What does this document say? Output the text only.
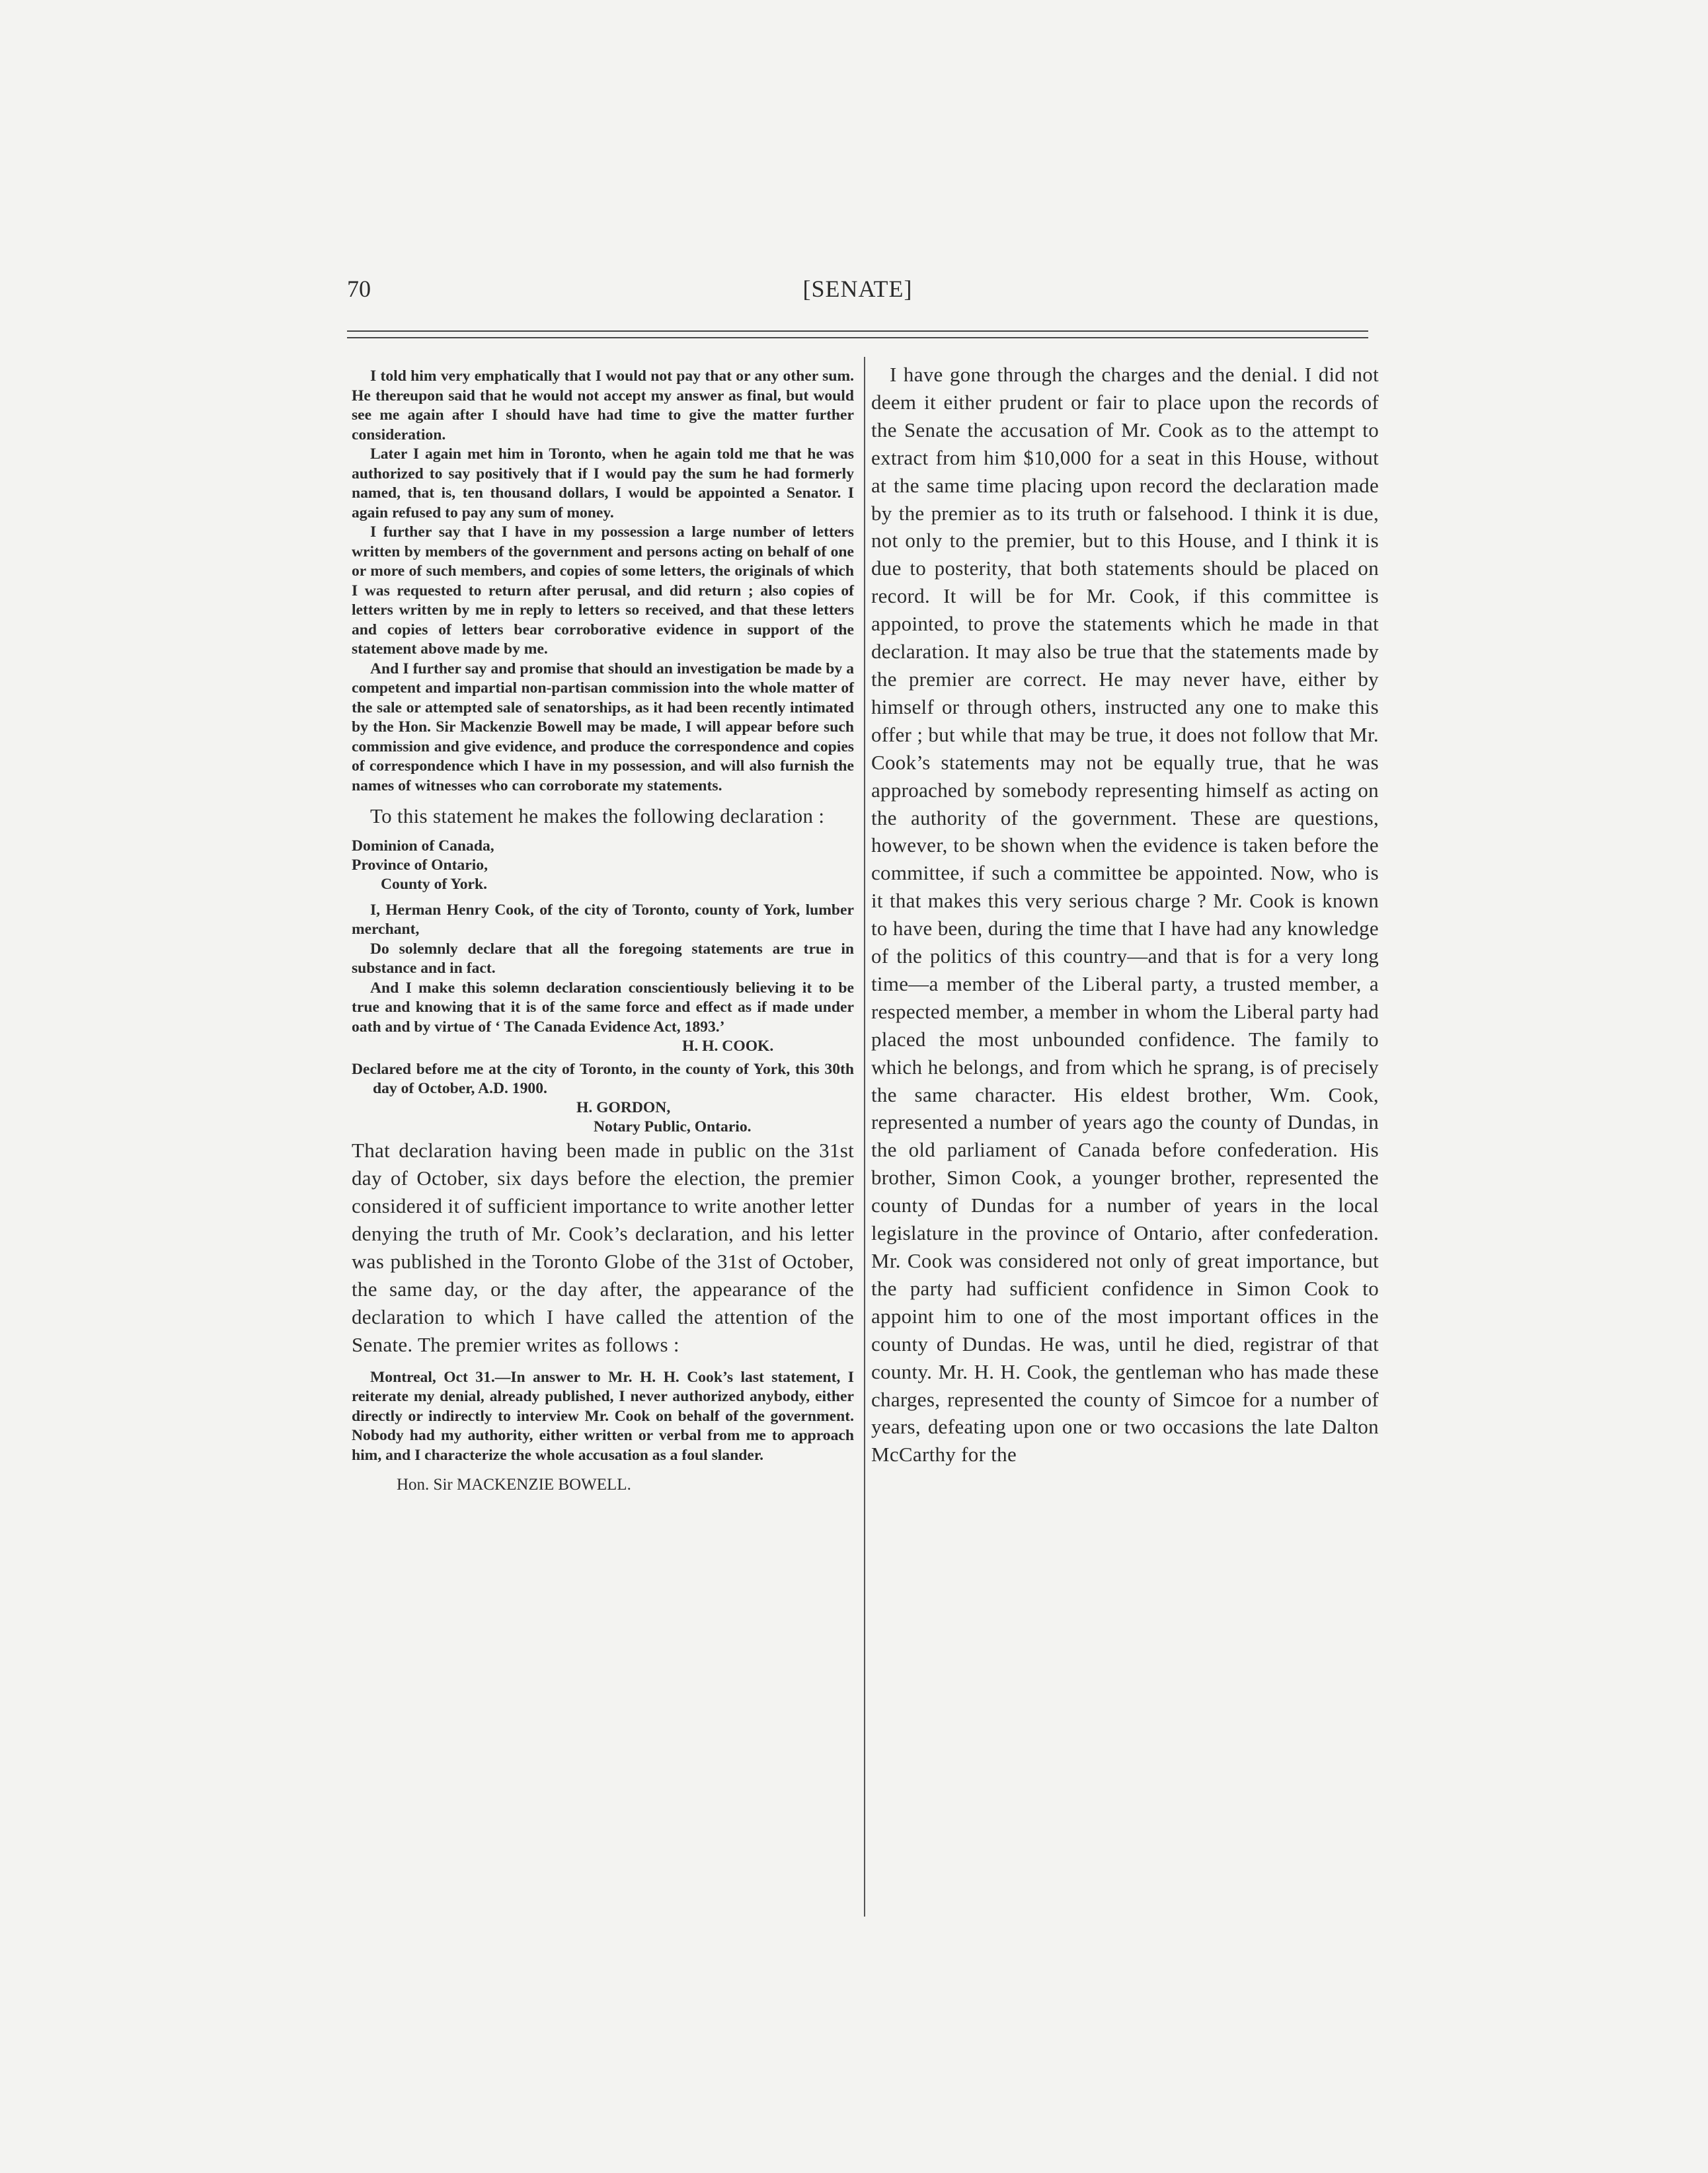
70	[SENATE]

I told him very emphatically that I would not pay that or any other sum. He thereupon said that he would not accept my answer as final, but would see me again after I should have had time to give the matter further consideration.

Later I again met him in Toronto, when he again told me that he was authorized to say positively that if I would pay the sum he had formerly named, that is, ten thousand dollars, I would be appointed a Senator. I again refused to pay any sum of money.

I further say that I have in my possession a large number of letters written by members of the government and persons acting on behalf of one or more of such members, and copies of some letters, the originals of which I was requested to return after perusal, and did return ; also copies of letters written by me in reply to letters so received, and that these letters and copies of letters bear corroborative evidence in support of the statement above made by me.

And I further say and promise that should an investigation be made by a competent and impartial non-partisan commission into the whole matter of the sale or attempted sale of senatorships, as it had been recently intimated by the Hon. Sir Mackenzie Bowell may be made, I will appear before such commission and give evidence, and produce the correspondence and copies of correspondence which I have in my possession, and will also furnish the names of witnesses who can corroborate my statements.

To this statement he makes the following declaration :

Dominion of Canada,
Province of Ontario,
County of York.

I, Herman Henry Cook, of the city of Toronto, county of York, lumber merchant,

Do solemnly declare that all the foregoing statements are true in substance and in fact.

And I make this solemn declaration conscientiously believing it to be true and knowing that it is of the same force and effect as if made under oath and by virtue of ‘ The Canada Evidence Act, 1893.’

H. H. COOK.

Declared before me at the city of Toronto, in the county of York, this 30th day of October, A.D. 1900.

H. GORDON,

Notary Public, Ontario.

That declaration having been made in public on the 31st day of October, six days before the election, the premier considered it of sufficient importance to write another letter denying the truth of Mr. Cook’s declaration, and his letter was published in the Toronto Globe of the 31st of October, the same day, or the day after, the appearance of the declaration to which I have called the attention of the Senate. The premier writes as follows :

Montreal, Oct 31.—In answer to Mr. H. H. Cook’s last statement, I reiterate my denial, already published, I never authorized anybody, either directly or indirectly to interview Mr. Cook on behalf of the government. Nobody had my authority, either written or verbal from me to approach him, and I characterize the whole accusation as a foul slander.

Hon. Sir MACKENZIE BOWELL.

I have gone through the charges and the denial. I did not deem it either prudent or fair to place upon the records of the Senate the accusation of Mr. Cook as to the attempt to extract from him $10,000 for a seat in this House, without at the same time placing upon record the declaration made by the premier as to its truth or falsehood. I think it is due, not only to the premier, but to this House, and I think it is due to posterity, that both statements should be placed on record. It will be for Mr. Cook, if this committee is appointed, to prove the statements which he made in that declaration. It may also be true that the statements made by the premier are correct. He may never have, either by himself or through others, instructed any one to make this offer ; but while that may be true, it does not follow that Mr. Cook’s statements may not be equally true, that he was approached by somebody representing himself as acting on the authority of the government. These are questions, however, to be shown when the evidence is taken before the committee, if such a committee be appointed. Now, who is it that makes this very serious charge ? Mr. Cook is known to have been, during the time that I have had any knowledge of the politics of this country—and that is for a very long time—a member of the Liberal party, a trusted member, a respected member, a member in whom the Liberal party had placed the most unbounded confidence. The family to which he belongs, and from which he sprang, is of precisely the same character. His eldest brother, Wm. Cook, represented a number of years ago the county of Dundas, in the old parliament of Canada before confederation. His brother, Simon Cook, a younger brother, represented the county of Dundas for a number of years in the local legislature in the province of Ontario, after confederation. Mr. Cook was considered not only of great importance, but the party had sufficient confidence in Simon Cook to appoint him to one of the most important offices in the county of Dundas. He was, until he died, registrar of that county. Mr. H. H. Cook, the gentleman who has made these charges, represented the county of Simcoe for a number of years, defeating upon one or two occasions the late Dalton McCarthy for the
